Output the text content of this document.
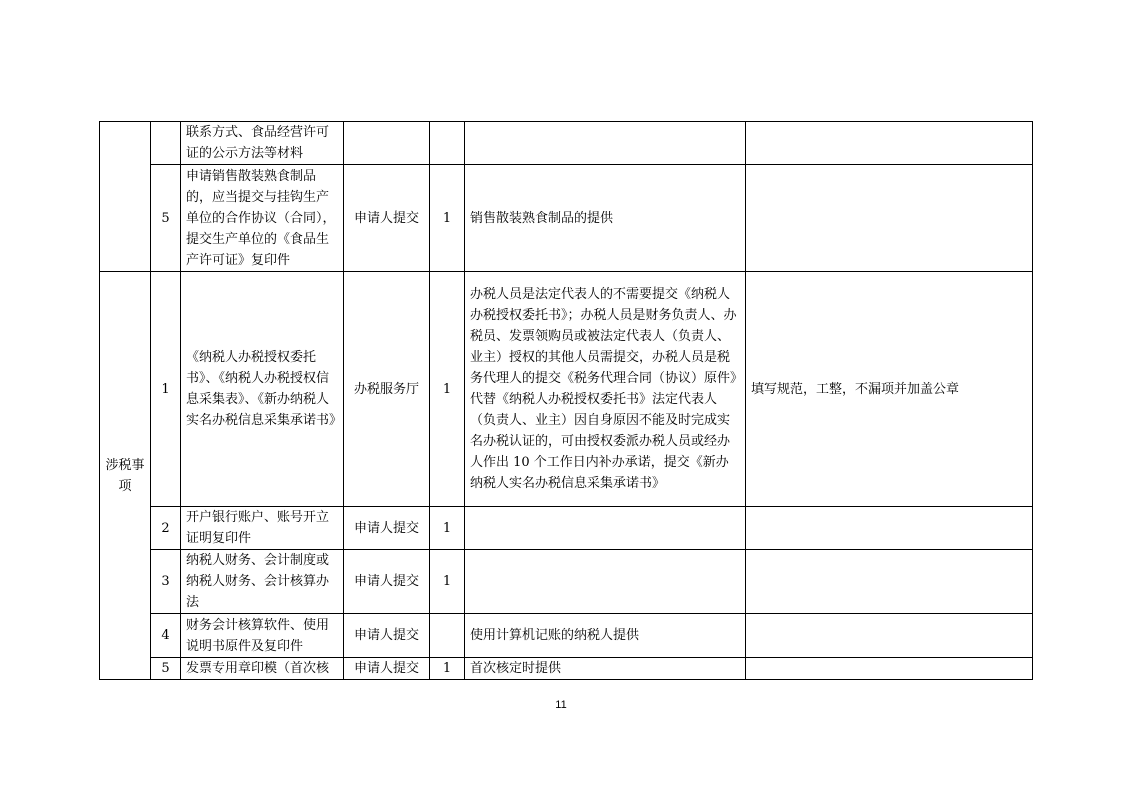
		联系方式、食品经营许可证的公示方法等材料				
	5	申请销售散装熟食制品的，应当提交与挂钩生产单位的合作协议（合同），提交生产单位的《食品生产许可证》复印件	申请人提交	1	销售散装熟食制品的提供	
涉税事项	1	《纳税人办税授权委托书》、《纳税人办税授权信息采集表》、《新办纳税人实名办税信息采集承诺书》	办税服务厅	1	办税人员是法定代表人的不需要提交《纳税人办税授权委托书》；办税人员是财务负责人、办税员、发票领购员或被法定代表人（负责人、业主）授权的其他人员需提交，办税人员是税务代理人的提交《税务代理合同（协议）原件》代替《纳税人办税授权委托书》法定代表人（负责人、业主）因自身原因不能及时完成实名办税认证的，可由授权委派办税人员或经办人作出 10 个工作日内补办承诺，提交《新办纳税人实名办税信息采集承诺书》	填写规范，工整，不漏项并加盖公章
	2	开户银行账户、账号开立证明复印件	申请人提交	1		
	3	纳税人财务、会计制度或纳税人财务、会计核算办法	申请人提交	1		
	4	财务会计核算软件、使用说明书原件及复印件	申请人提交		使用计算机记账的纳税人提供	
	5	发票专用章印模（首次核	申请人提交	1	首次核定时提供	
11
